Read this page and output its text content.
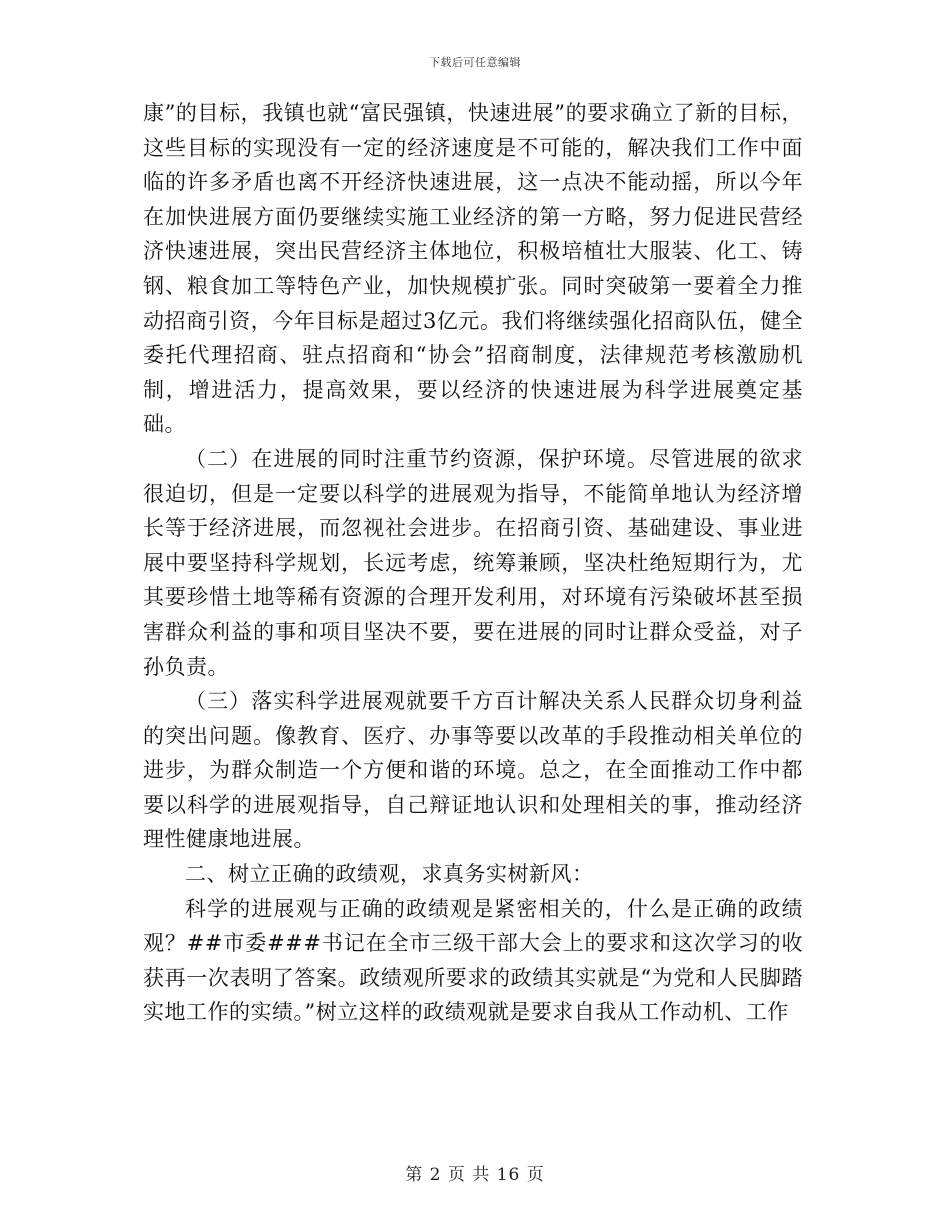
下载后可任意编辑

康”的目标，我镇也就“富民强镇，快速进展”的要求确立了新的目标，这些目标的实现没有一定的经济速度是不可能的，解决我们工作中面临的许多矛盾也离不开经济快速进展，这一点决不能动摇，所以今年在加快进展方面仍要继续实施工业经济的第一方略，努力促进民营经济快速进展，突出民营经济主体地位，积极培植壮大服装、化工、铸钢、粮食加工等特色产业，加快规模扩张。同时突破第一要着全力推动招商引资，今年目标是超过3亿元。我们将继续强化招商队伍，健全委托代理招商、驻点招商和“协会”招商制度，法律规范考核激励机制，增进活力，提高效果，要以经济的快速进展为科学进展奠定基础。

（二）在进展的同时注重节约资源，保护环境。尽管进展的欲求很迫切，但是一定要以科学的进展观为指导，不能简单地认为经济增长等于经济进展，而忽视社会进步。在招商引资、基础建设、事业进展中要坚持科学规划，长远考虑，统筹兼顾，坚决杜绝短期行为，尤其要珍惜土地等稀有资源的合理开发利用，对环境有污染破坏甚至损害群众利益的事和项目坚决不要，要在进展的同时让群众受益，对子孙负责。

（三）落实科学进展观就要千方百计解决关系人民群众切身利益的突出问题。像教育、医疗、办事等要以改革的手段推动相关单位的进步，为群众制造一个方便和谐的环境。总之，在全面推动工作中都要以科学的进展观指导，自己辩证地认识和处理相关的事，推动经济理性健康地进展。

二、树立正确的政绩观，求真务实树新风：

科学的进展观与正确的政绩观是紧密相关的，什么是正确的政绩观？##市委###书记在全市三级干部大会上的要求和这次学习的收获再一次表明了答案。政绩观所要求的政绩其实就是“为党和人民脚踏实地工作的实绩。”树立这样的政绩观就是要求自我从工作动机、工作

第 2 页 共 16 页
